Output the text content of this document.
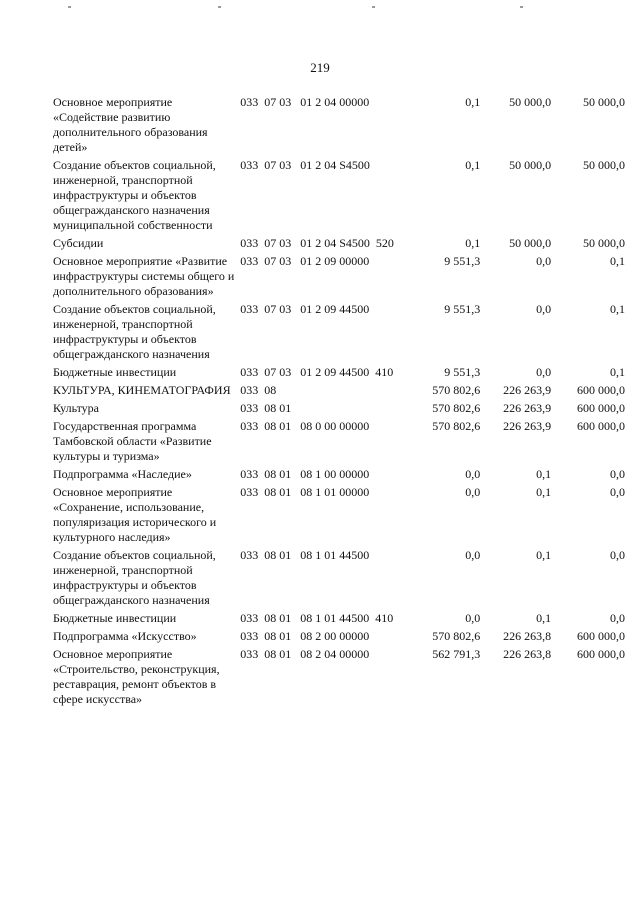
219
Основное мероприятие «Содействие развитию дополнительного образования детей»	033  07 03   01 2 04 00000	0,1	50 000,0	50 000,0
Создание объектов социальной, инженерной, транспортной инфраструктуры и объектов общегражданского назначения муниципальной собственности	033  07 03   01 2 04 S4500	0,1	50 000,0	50 000,0
Субсидии	033  07 03   01 2 04 S4500  520	0,1	50 000,0	50 000,0
Основное мероприятие «Развитие инфраструктуры системы общего и дополнительного образования»	033  07 03   01 2 09 00000	9 551,3	0,0	0,1
Создание объектов социальной, инженерной, транспортной инфраструктуры и объектов общегражданского назначения	033  07 03   01 2 09 44500	9 551,3	0,0	0,1
Бюджетные инвестиции	033  07 03   01 2 09 44500  410	9 551,3	0,0	0,1
КУЛЬТУРА, КИНЕМАТОГРАФИЯ	033  08	570 802,6	226 263,9	600 000,0
Культура	033  08 01	570 802,6	226 263,9	600 000,0
Государственная программа Тамбовской области «Развитие культуры и туризма»	033  08 01   08 0 00 00000	570 802,6	226 263,9	600 000,0
Подпрограмма «Наследие»	033  08 01   08 1 00 00000	0,0	0,1	0,0
Основное мероприятие «Сохранение, использование, популяризация исторического и культурного наследия»	033  08 01   08 1 01 00000	0,0	0,1	0,0
Создание объектов социальной, инженерной, транспортной инфраструктуры и объектов общегражданского назначения	033  08 01   08 1 01 44500	0,0	0,1	0,0
Бюджетные инвестиции	033  08 01   08 1 01 44500  410	0,0	0,1	0,0
Подпрограмма «Искусство»	033  08 01   08 2 00 00000	570 802,6	226 263,8	600 000,0
Основное мероприятие «Строительство, реконструкция, реставрация, ремонт объектов в сфере искусства»	033  08 01   08 2 04 00000	562 791,3	226 263,8	600 000,0
